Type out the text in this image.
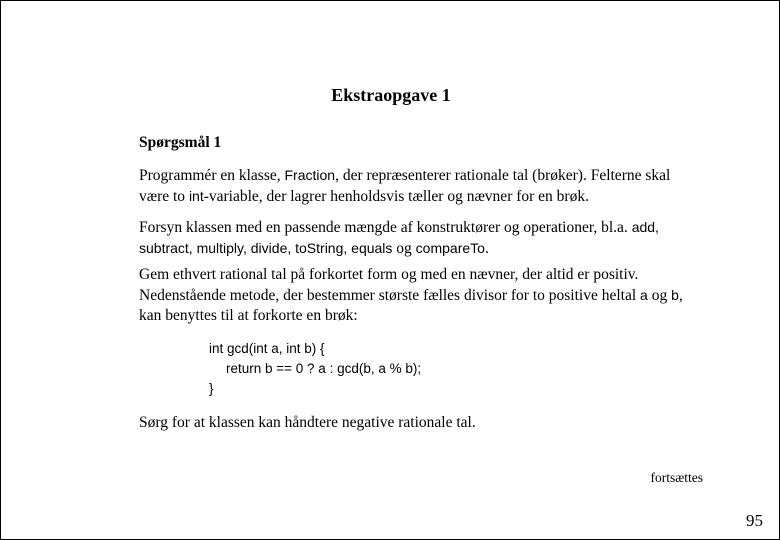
Ekstraopgave 1
Spørgsmål 1
Programmér en klasse, Fraction, der repræsenterer rationale tal (brøker). Felterne skal være to int-variable, der lagrer henholdsvis tæller og nævner for en brøk.
Forsyn klassen med en passende mængde af konstruktører og operationer, bl.a. add, subtract, multiply, divide, toString, equals og compareTo.
Gem ethvert rational tal på forkortet form og med en nævner, der altid er positiv. Nedenstående metode, der bestemmer største fælles divisor for to positive heltal a og b, kan benyttes til at forkorte en brøk:
int gcd(int a, int b) {
return b == 0 ? a : gcd(b, a % b);
}
Sørg for at klassen kan håndtere negative rationale tal.
fortsættes
95
